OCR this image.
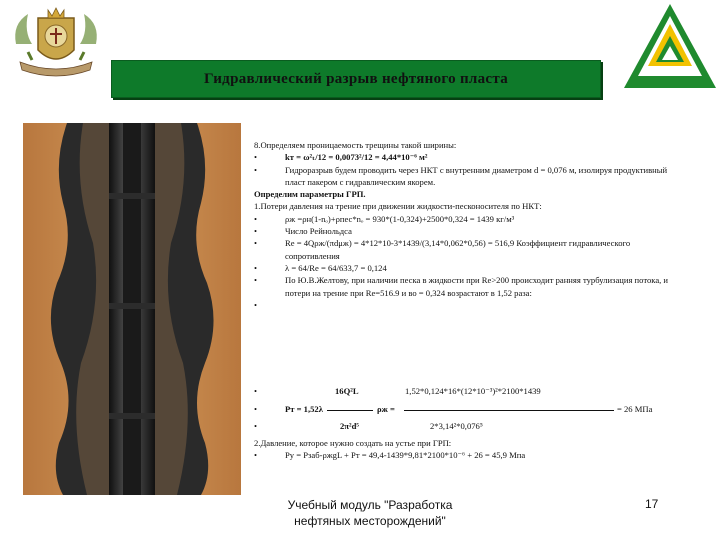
Гидравлический разрыв нефтяного пласта
8.Определяем проницаемость трещины такой ширины:
•	kт = ω²ₜ/12 = 0,0073²/12 = 4,44*10⁻⁶ м²
•	Гидроразрыв будем проводить через НКТ с внутренним диаметром d = 0,076 м, изолируя продуктивный пласт пакером с гидравлическим якорем.
Определим параметры ГРП.
1.Потери давления на трение при движении жидкости-песконосителя по НКТ:
•	ρж =ρн(1-nₒ)+ρпес*nₒ = 930*(1-0,324)+2500*0,324 = 1439 кг/м³
•	Число Рейнольдса
•	Re = 4Qρж/(πdμж) = 4*12*10-3*1439/(3,14*0,062*0,56) = 516,9 Коэффициент гидравлического сопротивления
•	λ = 64/Re = 64/633,7 = 0,124
•	По Ю.В.Желтову, при наличии песка в жидкости при Re>200 происходит ранняя турбулизация потока, и потери на трение при Re=516.9 и во = 0,324 возрастают в 1,52 раза:
•
•
•
•
16Q²L	1,52*0,124*16*(12*10⁻³)²*2100*1439
Pт = 1,52λ	ρж =	= 26 МПа
2π²d⁵	2*3,14²*0,076⁵
2.Давление, которое нужно создать на устье при ГРП:
•	Pу = Pзаб-ρжgL + Pт = 49,4-1439*9,81*2100*10⁻⁶ + 26 = 45,9 Мпа
Учебный модуль "Разработка нефтяных месторождений"
17
